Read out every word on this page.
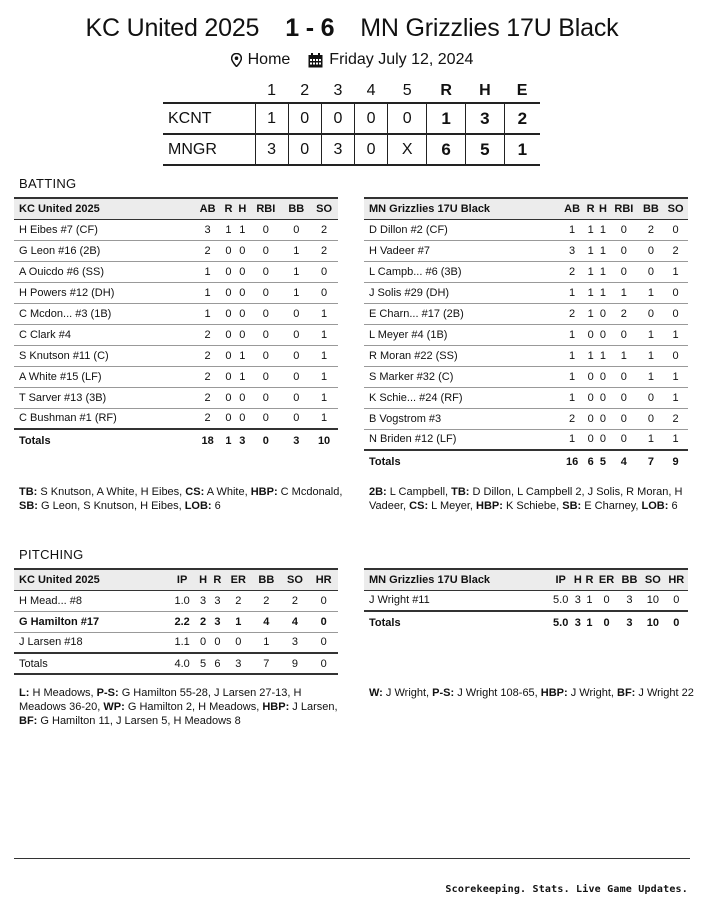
KC United 2025 1 - 6 MN Grizzlies 17U Black
Home Friday July 12, 2024
	1	2	3	4	5	R	H	E
KCNT	1	0	0	0	0	1	3	2
MNGR	3	0	3	0	X	6	5	1
BATTING
KC United 2025	AB	R	H	RBI	BB	SO
H Eibes #7 (CF)	3	1	1	0	0	2
G Leon #16 (2B)	2	0	0	0	1	2
A Ouicdo #6 (SS)	1	0	0	0	1	0
H Powers #12 (DH)	1	0	0	0	1	0
C Mcdon... #3 (1B)	1	0	0	0	0	1
C Clark #4	2	0	0	0	0	1
S Knutson #11 (C)	2	0	1	0	0	1
A White #15 (LF)	2	0	1	0	0	1
T Sarver #13 (3B)	2	0	0	0	0	1
C Bushman #1 (RF)	2	0	0	0	0	1
Totals	18	1	3	0	3	10
MN Grizzlies 17U Black	AB	R	H	RBI	BB	SO
D Dillon #2 (CF)	1	1	1	0	2	0
H Vadeer #7	3	1	1	0	0	2
L Campb... #6 (3B)	2	1	1	0	0	1
J Solis #29 (DH)	1	1	1	1	1	0
E Charn... #17 (2B)	2	1	0	2	0	0
L Meyer #4 (1B)	1	0	0	0	1	1
R Moran #22 (SS)	1	1	1	1	1	0
S Marker #32 (C)	1	0	0	0	1	1
K Schie... #24 (RF)	1	0	0	0	0	1
B Vogstrom #3	2	0	0	0	0	2
N Briden #12 (LF)	1	0	0	0	1	1
Totals	16	6	5	4	7	9
TB: S Knutson, A White, H Eibes, CS: A White, HBP: C Mcdonald, SB: G Leon, S Knutson, H Eibes, LOB: 6
2B: L Campbell, TB: D Dillon, L Campbell 2, J Solis, R Moran, H Vadeer, CS: L Meyer, HBP: K Schiebe, SB: E Charney, LOB: 6
PITCHING
KC United 2025	IP	H	R	ER	BB	SO	HR
H Mead... #8	1.0	3	3	2	2	2	0
G Hamilton #17	2.2	2	3	1	4	4	0
J Larsen #18	1.1	0	0	0	1	3	0
Totals	4.0	5	6	3	7	9	0
MN Grizzlies 17U Black	IP	H	R	ER	BB	SO	HR
J Wright #11	5.0	3	1	0	3	10	0
Totals	5.0	3	1	0	3	10	0
L: H Meadows, P-S: G Hamilton 55-28, J Larsen 27-13, H Meadows 36-20, WP: G Hamilton 2, H Meadows, HBP: J Larsen, BF: G Hamilton 11, J Larsen 5, H Meadows 8
W: J Wright, P-S: J Wright 108-65, HBP: J Wright, BF: J Wright 22
Scorekeeping. Stats. Live Game Updates.
